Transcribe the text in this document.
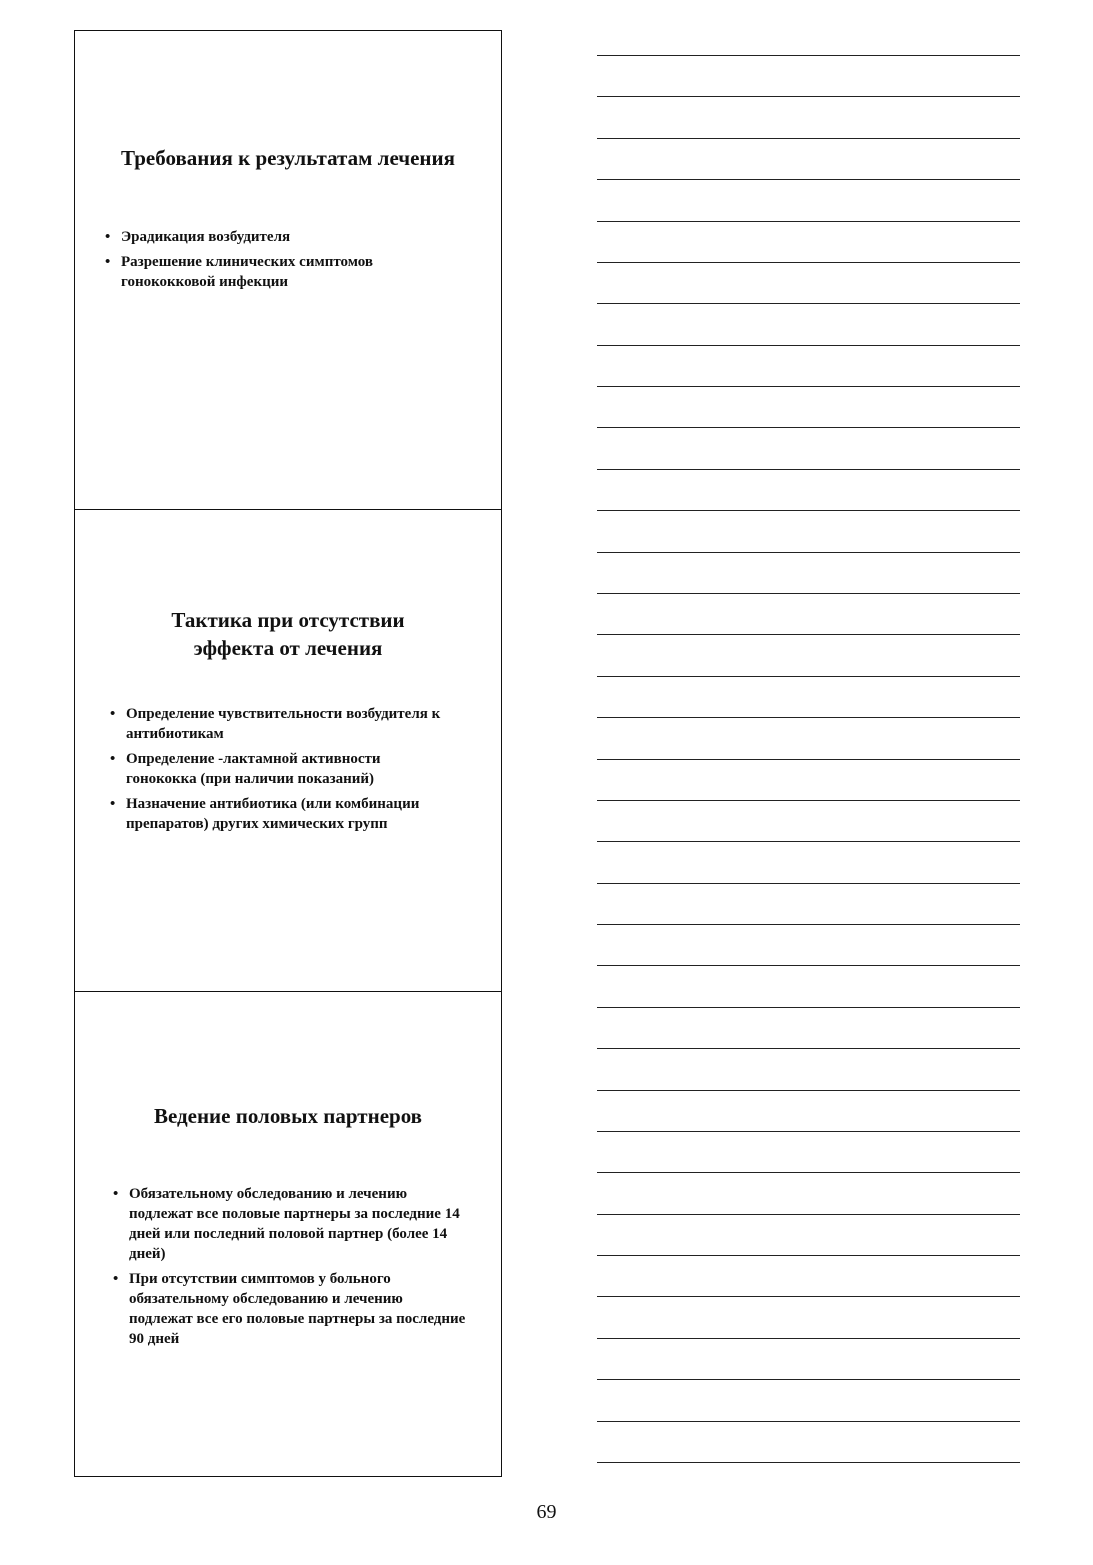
Требования к результатам лечения
• Эрадикация возбудителя
• Разрешение клинических симптомов гонококковой инфекции
Тактика при отсутствии эффекта от лечения
• Определение чувствительности возбудителя к антибиотикам
• Определение -лактамной активности гонококка (при наличии показаний)
• Назначение антибиотика (или комбинации препаратов) других химических групп
Ведение половых партнеров
• Обязательному обследованию и лечению подлежат все половые партнеры за последние 14 дней или последний половой партнер (более 14 дней)
• При отсутствии симптомов у больного обязательному обследованию и лечению подлежат все его половые партнеры за последние 90 дней
69
